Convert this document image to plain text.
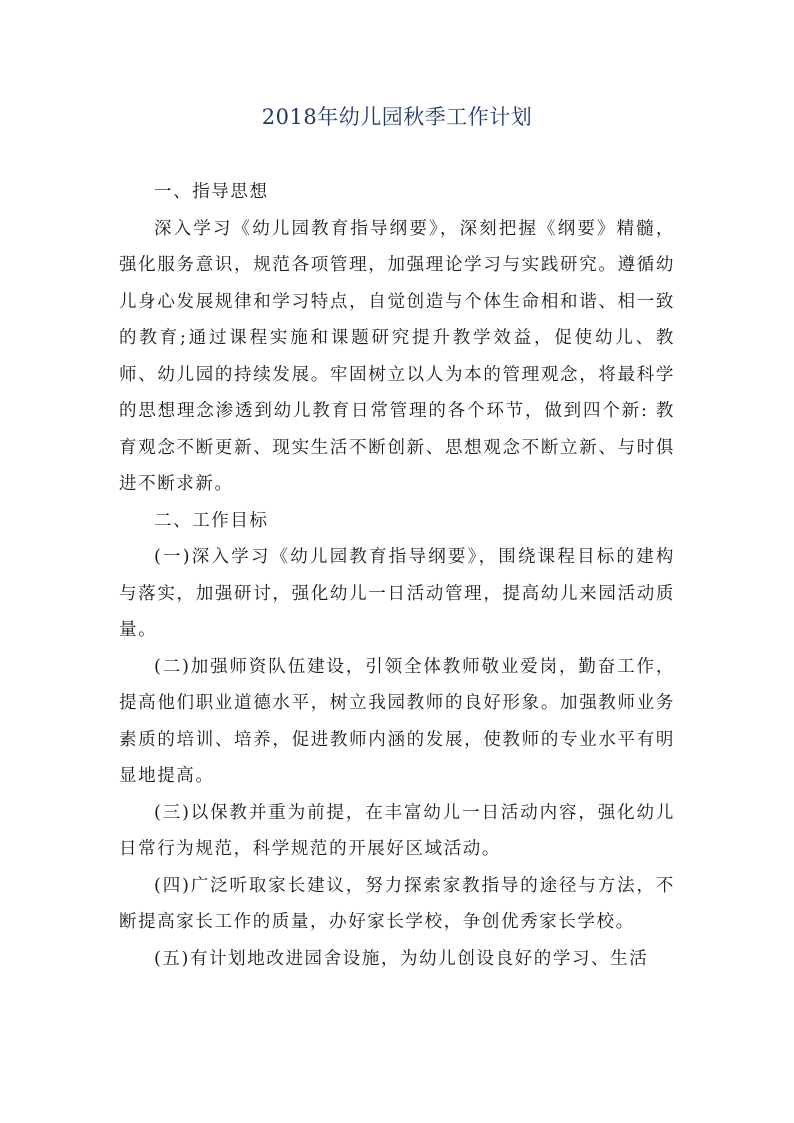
2018年幼儿园秋季工作计划

一、指导思想

深入学习《幼儿园教育指导纲要》，深刻把握《纲要》精髓，强化服务意识，规范各项管理，加强理论学习与实践研究。遵循幼儿身心发展规律和学习特点，自觉创造与个体生命相和谐、相一致的教育;通过课程实施和课题研究提升教学效益，促使幼儿、教师、幼儿园的持续发展。牢固树立以人为本的管理观念，将最科学的思想理念渗透到幼儿教育日常管理的各个环节，做到四个新: 教育观念不断更新、现实生活不断创新、思想观念不断立新、与时俱进不断求新。

二、工作目标

(一)深入学习《幼儿园教育指导纲要》，围绕课程目标的建构与落实，加强研讨，强化幼儿一日活动管理，提高幼儿来园活动质量。

(二)加强师资队伍建设，引领全体教师敬业爱岗，勤奋工作，提高他们职业道德水平，树立我园教师的良好形象。加强教师业务素质的培训、培养，促进教师内涵的发展，使教师的专业水平有明显地提高。

(三)以保教并重为前提，在丰富幼儿一日活动内容，强化幼儿日常行为规范，科学规范的开展好区域活动。

(四)广泛听取家长建议，努力探索家教指导的途径与方法，不断提高家长工作的质量，办好家长学校，争创优秀家长学校。

(五)有计划地改进园舍设施，为幼儿创设良好的学习、生活
